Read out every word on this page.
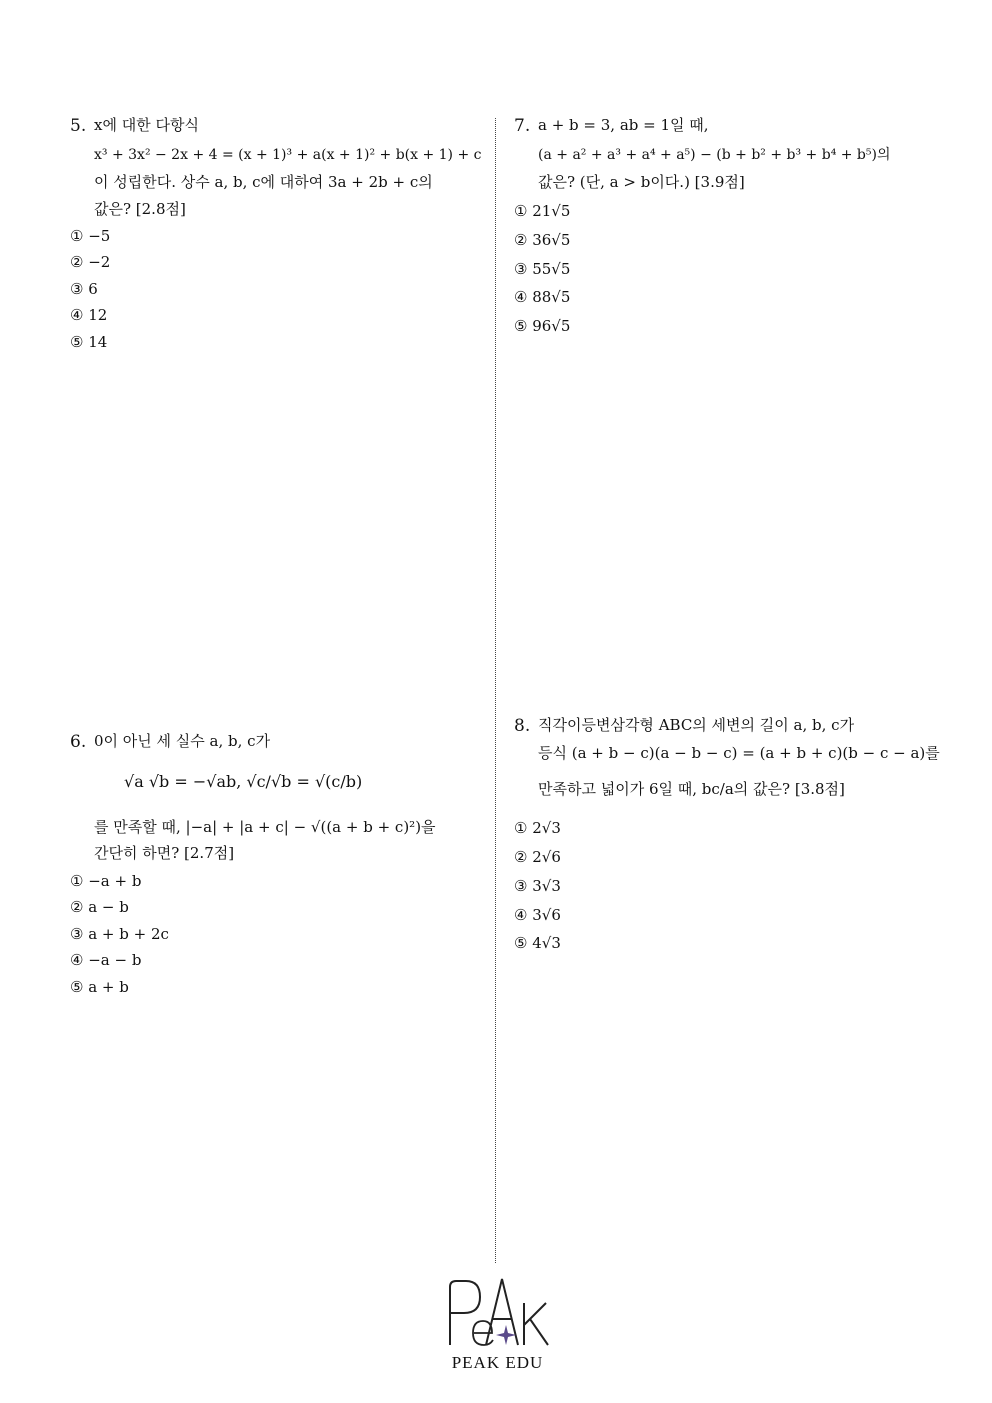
5. x에 대한 다항식
x³ + 3x² − 2x + 4 = (x + 1)³ + a(x + 1)² + b(x + 1) + c
이 성립한다. 상수 a, b, c에 대하여 3a + 2b + c의
값은? [2.8점]
① −5
② −2
③ 6
④ 12
⑤ 14
6. 0이 아닌 세 실수 a, b, c가
√a √b = −√ab, √c/√b = √(c/b)
를 만족할 때, |−a| + |a + c| − √((a + b + c)²)을
간단히 하면? [2.7점]
① −a + b
② a − b
③ a + b + 2c
④ −a − b
⑤ a + b
7. a + b = 3, ab = 1일 때,
(a + a² + a³ + a⁴ + a⁵) − (b + b² + b³ + b⁴ + b⁵)의
값은? (단, a > b이다.) [3.9점]
① 21√5
② 36√5
③ 55√5
④ 88√5
⑤ 96√5
8. 직각이등변삼각형 ABC의 세변의 길이 a, b, c가
등식 (a + b − c)(a − b − c) = (a + b + c)(b − c − a)를
만족하고 넓이가 6일 때, bc/a의 값은? [3.8점]
① 2√3
② 2√6
③ 3√3
④ 3√6
⑤ 4√3
PEAK EDU
